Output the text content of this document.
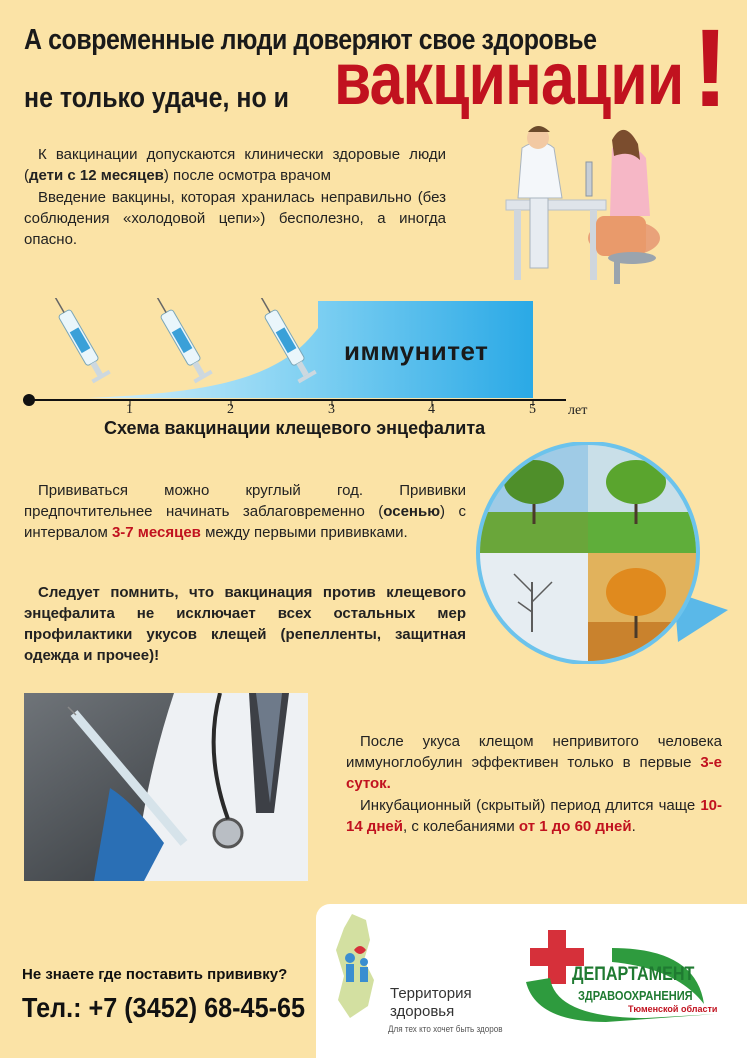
А современные люди доверяют свое здоровье
не только удаче, но и вакцинации !
К вакцинации допускаются клинически здоровые люди (дети с 12 месяцев) после осмотра врачом
Введение вакцины, которая хранилась неправильно (без соблюдения «холодовой цепи») бесполезно, а иногда опасно.
иммунитет
1	2	3	4	5 лет
Схема вакцинации клещевого энцефалита
Прививаться можно круглый год. Прививки предпочтительнее начинать заблаговременно (осенью) с интервалом 3-7 месяцев между первыми прививками.
Следует помнить, что вакцинация против клещевого энцефалита не исключает всех остальных мер профилактики укусов клещей (репелленты, защитная одежда и прочее)!
После укуса клещом непривитого человека иммуноглобулин эффективен только в первые 3-е суток.
Инкубационный (скрытый) период длится чаще 10-14 дней, с колебаниями от 1 до 60 дней.
Не знаете где поставить прививку?
Тел.: +7 (3452) 68-45-65	Территория
здоровья
Для тех кто хочет быть здоров
ДЕПАРТАМЕНТ
ЗДРАВООХРАНЕНИЯ
Тюменской области
